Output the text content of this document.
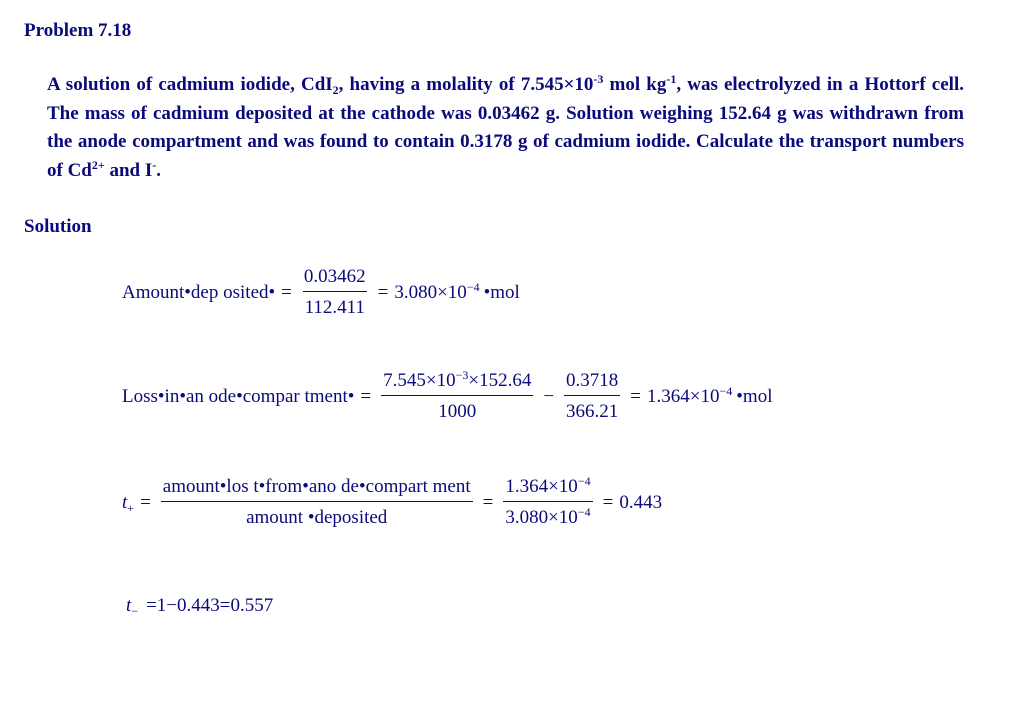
Problem 7.18
A solution of cadmium iodide, CdI$_2$, having a molality of $7.545\times 10^{-3}$ mol $kg^{-1}$, was electrolyzed in a Hottorf cell. The mass of cadmium deposited at the cathode was 0.03462 g. Solution weighing 152.64 g was withdrawn from the anode compartment and was found to contain 0.3178 g of cadmium iodide. Calculate the transport numbers of $Cd^{2+}$ and I-.
Solution
Amount•dep osited• = $\frac{0.03462}{112.411} = 3.080\times 10^{-4}$ •mol
Loss•in•an ode•compar tment• = $\frac{7.545\times 10^{-3}\times 152.64}{1000} - \frac{0.3718}{366.21} = 1.364\times 10^{-4}$ •mol
$t_+ = \frac{\text{amount•los t•from•ano de•compart ment}}{\text{amount •deposited}} = \frac{1.364\times 10^{-4}}{3.080\times 10^{-4}} = 0.443$
$t_- =1-0.443=0.557$
